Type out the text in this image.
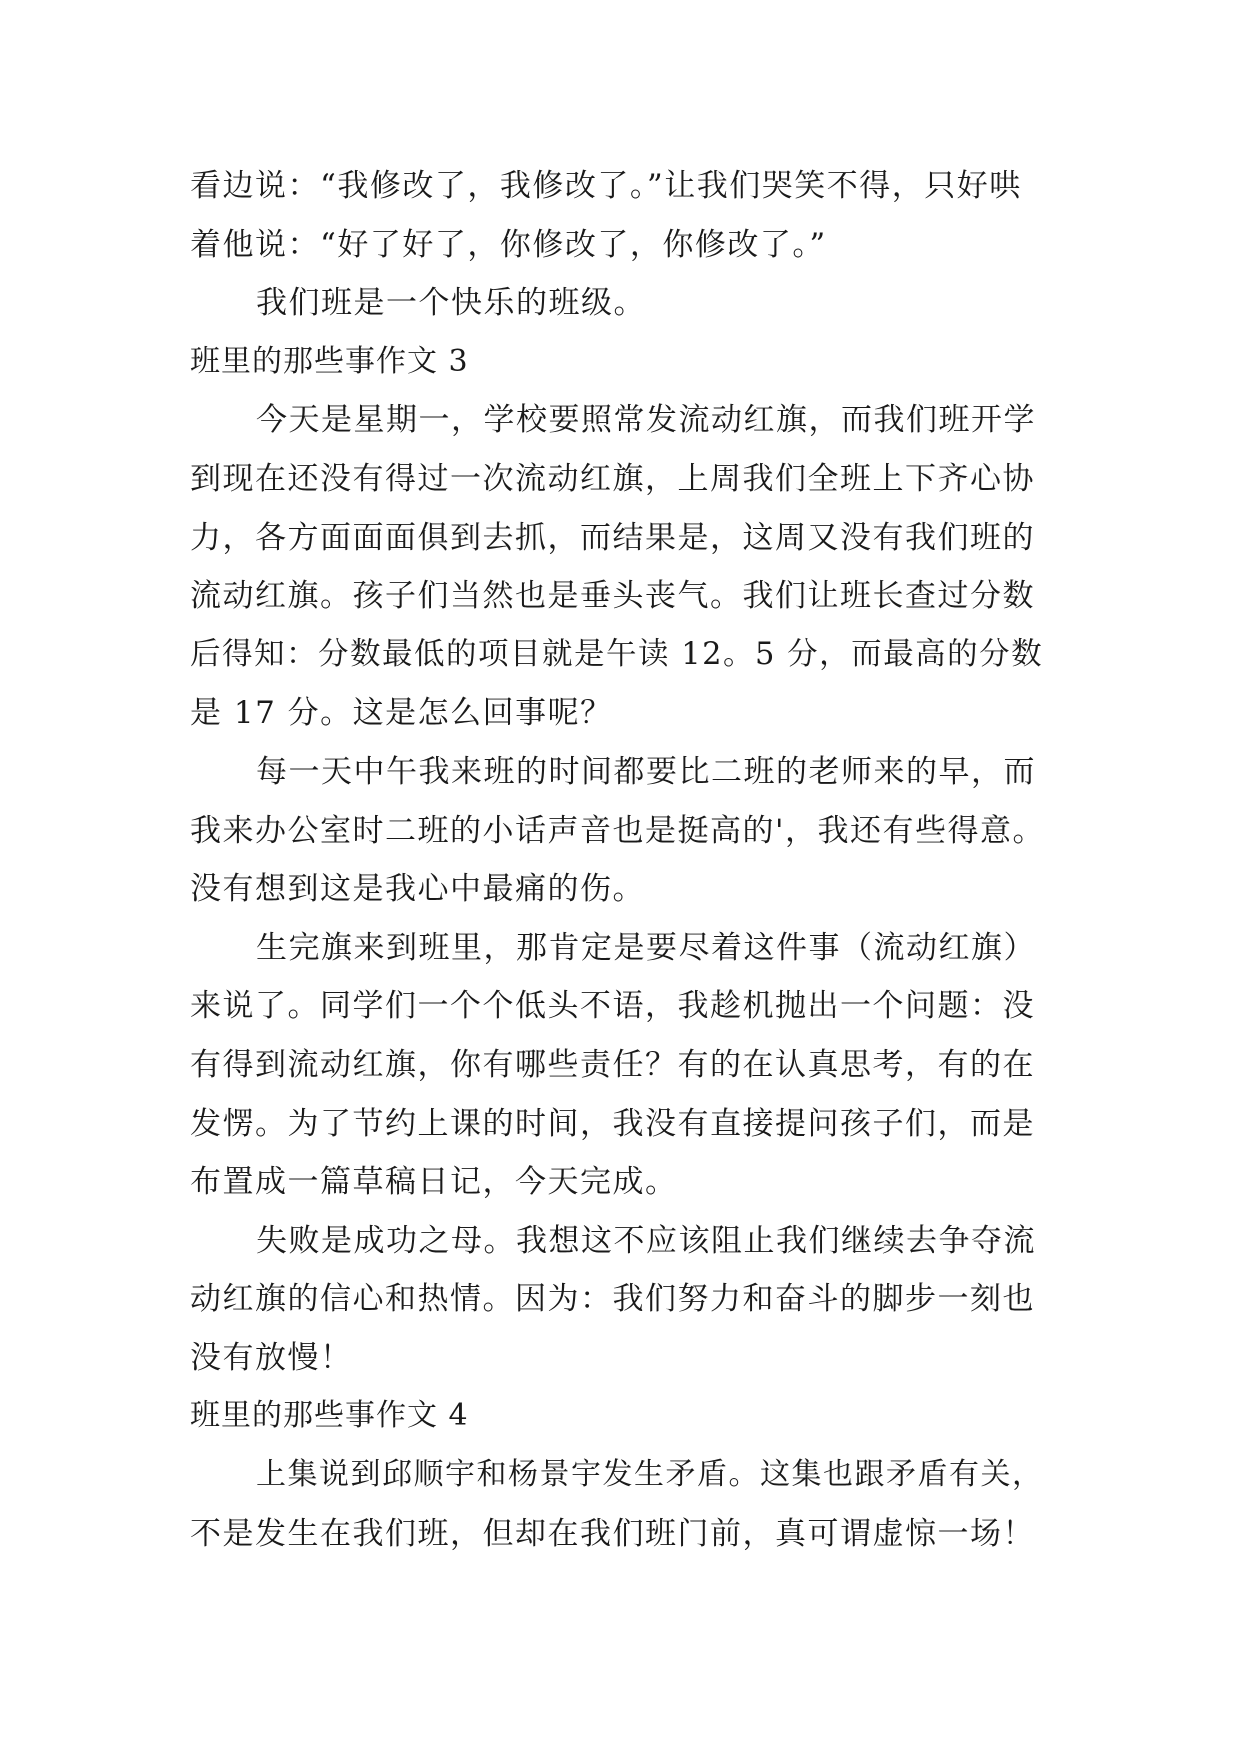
看边说：“我修改了，我修改了。”让我们哭笑不得，只好哄
着他说：“好了好了，你修改了，你修改了。”
我们班是一个快乐的班级。
班里的那些事作文 3
今天是星期一，学校要照常发流动红旗，而我们班开学
到现在还没有得过一次流动红旗，上周我们全班上下齐心协
力，各方面面面俱到去抓，而结果是，这周又没有我们班的
流动红旗。孩子们当然也是垂头丧气。我们让班长查过分数
后得知：分数最低的项目就是午读 12。5 分，而最高的分数
是 17 分。这是怎么回事呢？
每一天中午我来班的时间都要比二班的老师来的早，而
我来办公室时二班的小话声音也是挺高的'，我还有些得意。
没有想到这是我心中最痛的伤。
生完旗来到班里，那肯定是要尽着这件事（流动红旗）
来说了。同学们一个个低头不语，我趁机抛出一个问题：没
有得到流动红旗，你有哪些责任？有的在认真思考，有的在
发愣。为了节约上课的时间，我没有直接提问孩子们，而是
布置成一篇草稿日记，今天完成。
失败是成功之母。我想这不应该阻止我们继续去争夺流
动红旗的信心和热情。因为：我们努力和奋斗的脚步一刻也
没有放慢！
班里的那些事作文 4
上集说到邱顺宇和杨景宇发生矛盾。这集也跟矛盾有关，
不是发生在我们班，但却在我们班门前，真可谓虚惊一场！
